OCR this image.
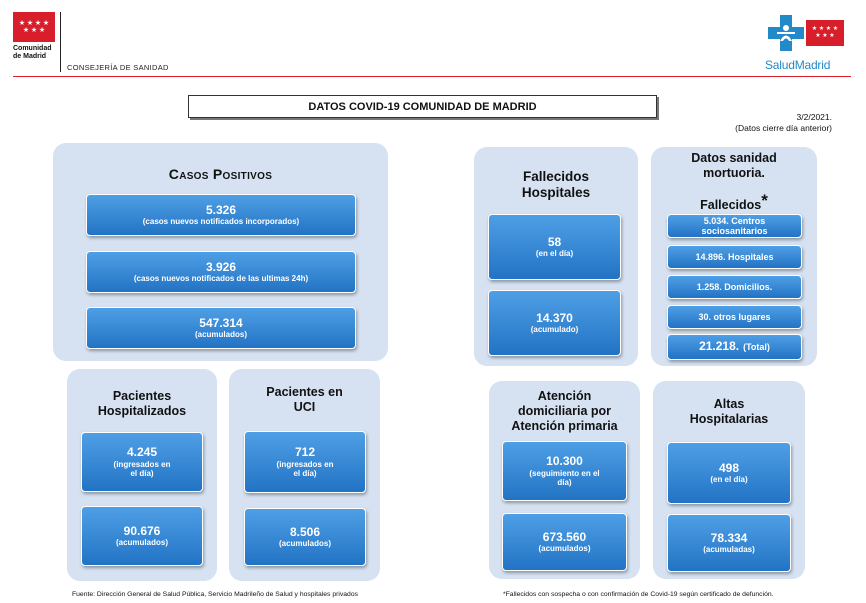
★ ★ ★ ★
★ ★ ★
Comunidad
de Madrid
CONSEJERÍA DE SANIDAD
★ ★ ★ ★
★ ★ ★
SaludMadrid
DATOS COVID-19 COMUNIDAD DE MADRID
3/2/2021.
(Datos cierre día anterior)
Casos Positivos
5.326
(casos nuevos notificados incorporados)
3.926
(casos nuevos notificados de las ultimas 24h)
547.314
(acumulados)
Pacientes
Hospitalizados
4.245
(ingresados en
el día)
90.676
(acumulados)
Pacientes en
UCI
712
(ingresados en
el día)
8.506
(acumulados)
Fallecidos
Hospitales
58
(en el día)
14.370
(acumulado)
Datos sanidad
mortuoria.
Fallecidos*
5.034. Centros
sociosanitarios
14.896. Hospitales
1.258. Domicilios.
30. otros lugares
21.218. (Total)
Atención
domiciliaria por
Atención primaria
10.300
(seguimiento en el
día)
673.560
(acumulados)
Altas
Hospitalarias
498
(en el día)
78.334
(acumuladas)
Fuente: Dirección General de Salud Pública, Servicio Madrileño de Salud y hospitales privados	*Fallecidos con sospecha o con confirmación de Covid-19 según certificado de defunción.
